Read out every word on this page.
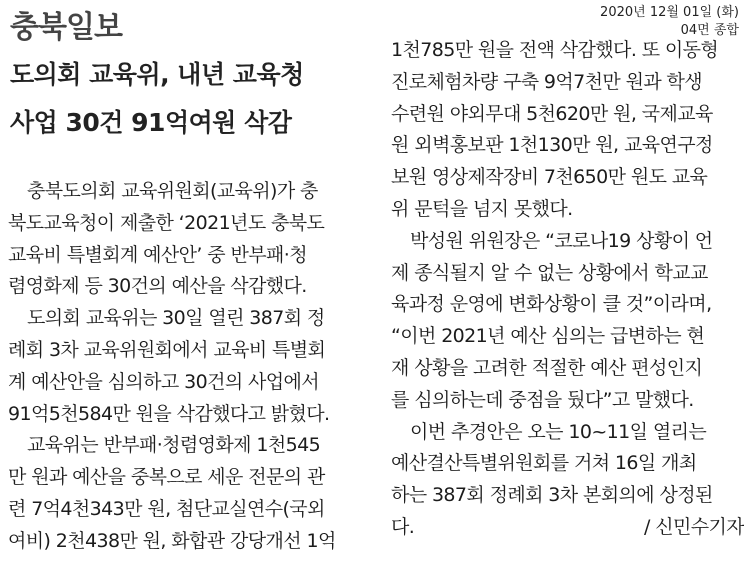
충북일보	2020년 12월 01일 (화)
04면 종합
도의회 교육위, 내년 교육청
사업 30건 91억여원 삭감
충북도의회 교육위원회(교육위)가 충
북도교육청이 제출한 ‘2021년도 충북도
교육비 특별회계 예산안’ 중 반부패·청
렴영화제 등 30건의 예산을 삭감했다.
도의회 교육위는 30일 열린 387회 정
례회 3차 교육위원회에서 교육비 특별회
계 예산안을 심의하고 30건의 사업에서
91억5천584만 원을 삭감했다고 밝혔다.
교육위는 반부패·청렴영화제 1천545
만 원과 예산을 중복으로 세운 전문의 관
련 7억4천343만 원, 첨단교실연수(국외
여비) 2천438만 원, 화합관 강당개선 1억
1천785만 원을 전액 삭감했다. 또 이동형
진로체험차량 구축 9억7천만 원과 학생
수련원 야외무대 5천620만 원, 국제교육
원 외벽홍보판 1천130만 원, 교육연구정
보원 영상제작장비 7천650만 원도 교육
위 문턱을 넘지 못했다.
박성원 위원장은 “코로나19 상황이 언
제 종식될지 알 수 없는 상황에서 학교교
육과정 운영에 변화상황이 클 것”이라며,
“이번 2021년 예산 심의는 급변하는 현
재 상황을 고려한 적절한 예산 편성인지
를 심의하는데 중점을 뒀다”고 말했다.
이번 추경안은 오는 10~11일 열리는
예산결산특별위원회를 거쳐 16일 개최
하는 387회 정례회 3차 본회의에 상정된
다.	/ 신민수기자
